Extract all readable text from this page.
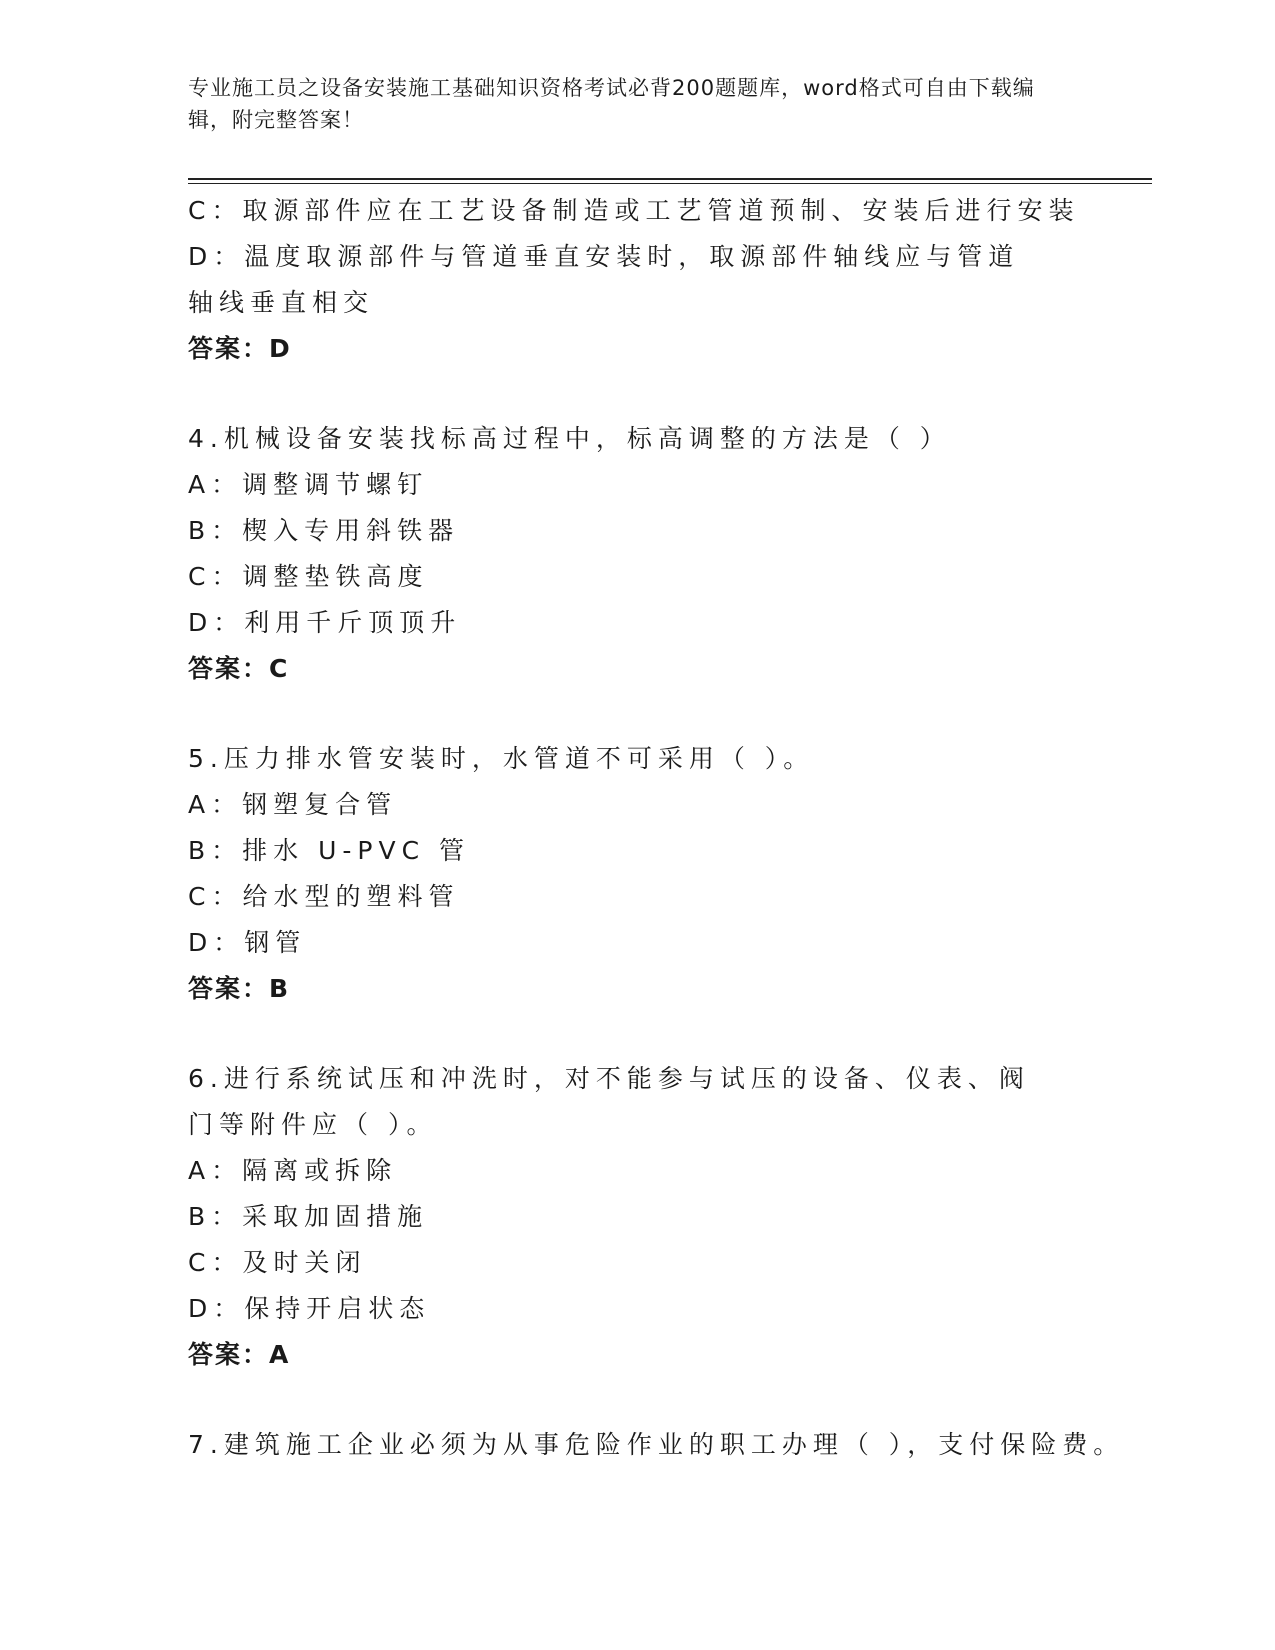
专业施工员之设备安装施工基础知识资格考试必背200题题库，word格式可自由下载编辑，附完整答案！
C：取源部件应在工艺设备制造或工艺管道预制、安装后进行安装
D：温度取源部件与管道垂直安装时，取源部件轴线应与管道轴线垂直相交
答案：D
4.机械设备安装找标高过程中，标高调整的方法是（ ）
A：调整调节螺钉
B：楔入专用斜铁器
C：调整垫铁高度
D：利用千斤顶顶升
答案：C
5.压力排水管安装时，水管道不可采用（ ）。
A：钢塑复合管
B：排水 U-PVC 管
C：给水型的塑料管
D：钢管
答案：B
6.进行系统试压和冲洗时，对不能参与试压的设备、仪表、阀门等附件应（ ）。
A：隔离或拆除
B：采取加固措施
C：及时关闭
D：保持开启状态
答案：A
7.建筑施工企业必须为从事危险作业的职工办理（ ），支付保险费。
